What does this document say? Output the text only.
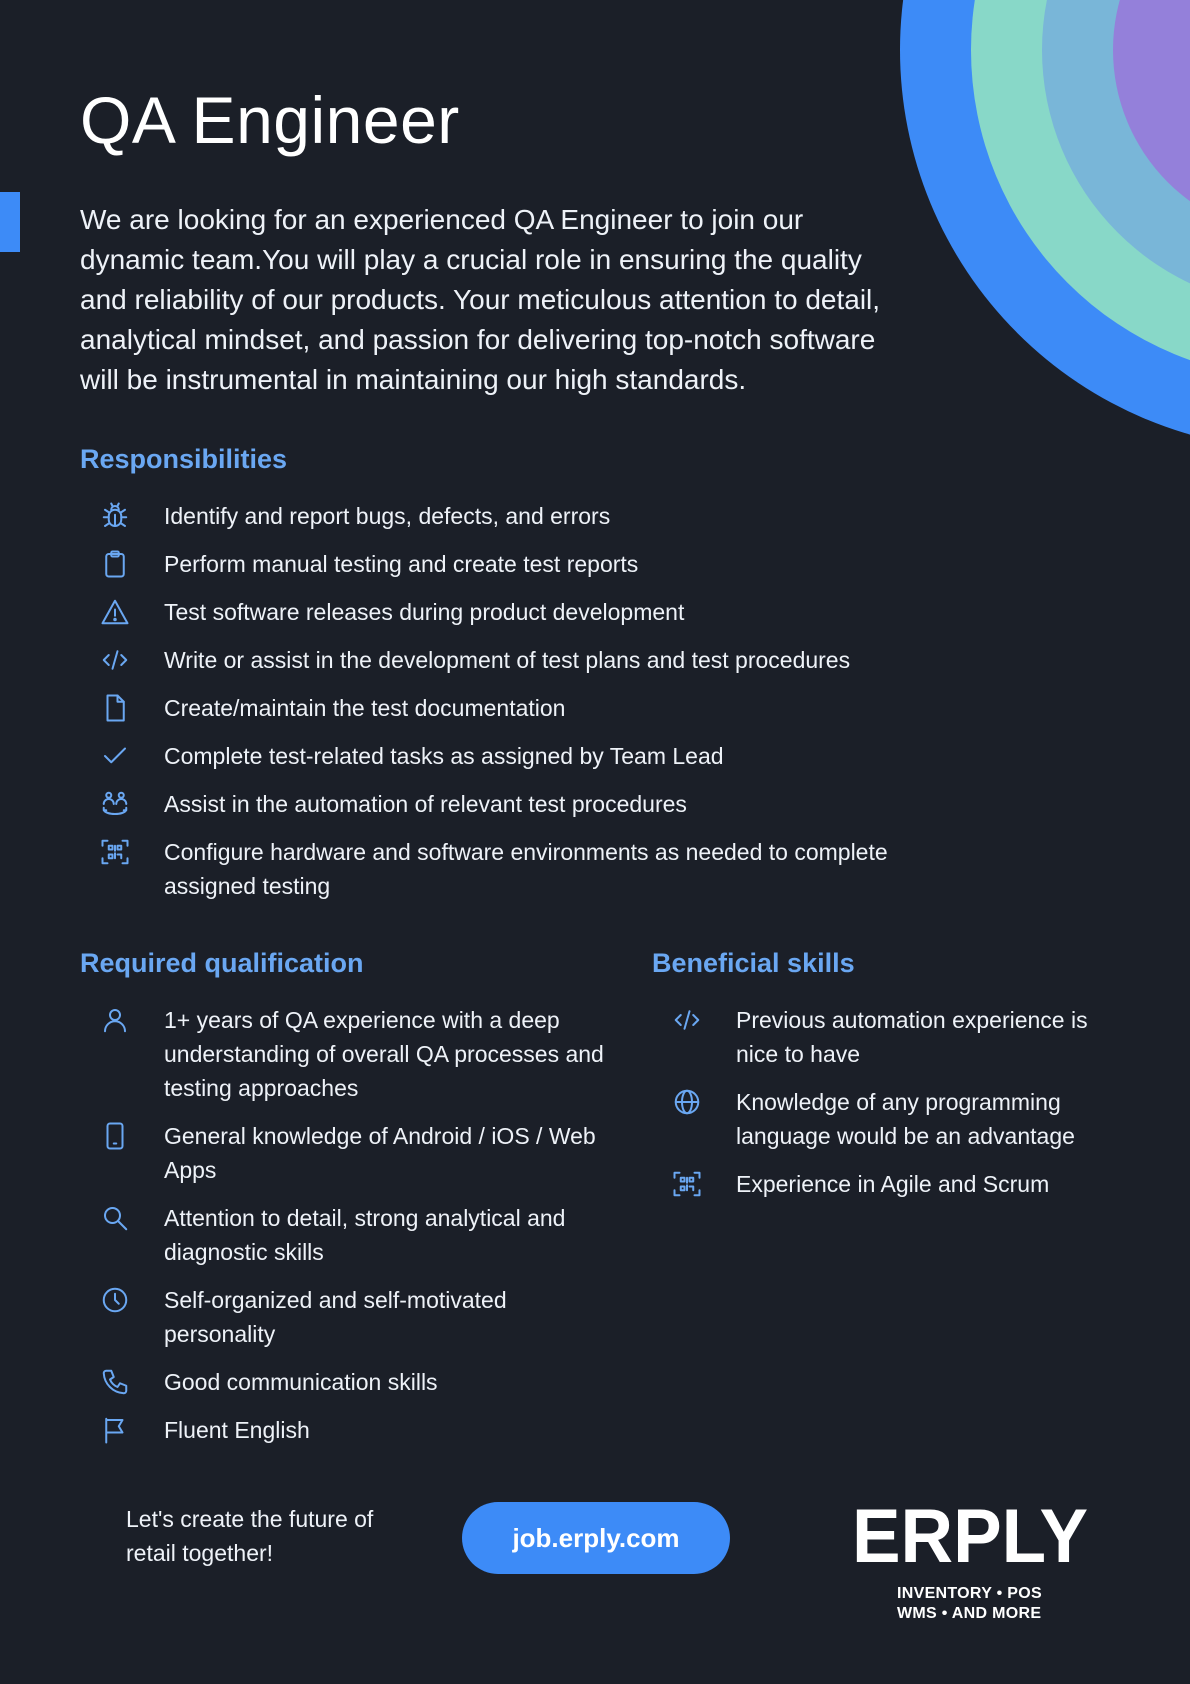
QA Engineer

We are looking for an experienced QA Engineer to join our dynamic team.You will play a crucial role in ensuring the quality and reliability of our products. Your meticulous attention to detail, analytical mindset, and passion for delivering top-notch software will be instrumental in maintaining our high standards.

Responsibilities
Identify and report bugs, defects, and errors
Perform manual testing and create test reports
Test software releases during product development
Write or assist in the development of test plans and test procedures
Create/maintain the test documentation
Complete test-related tasks as assigned by Team Lead
Assist in the automation of relevant test procedures
Configure hardware and software environments as needed to complete assigned testing
Required qualification
1+ years of QA experience with a deep understanding of overall QA processes and testing approaches
General knowledge of Android / iOS / Web Apps
Attention to detail, strong analytical and diagnostic skills
Self-organized and self-motivated personality
Good communication skills
Fluent English
Beneficial skills
Previous automation experience is nice to have
Knowledge of any programming language would be an advantage
Experience in Agile and Scrum

Let's create the future of retail together!	job.erply.com	ERPLY

INVENTORY • POS
WMS • AND MORE
